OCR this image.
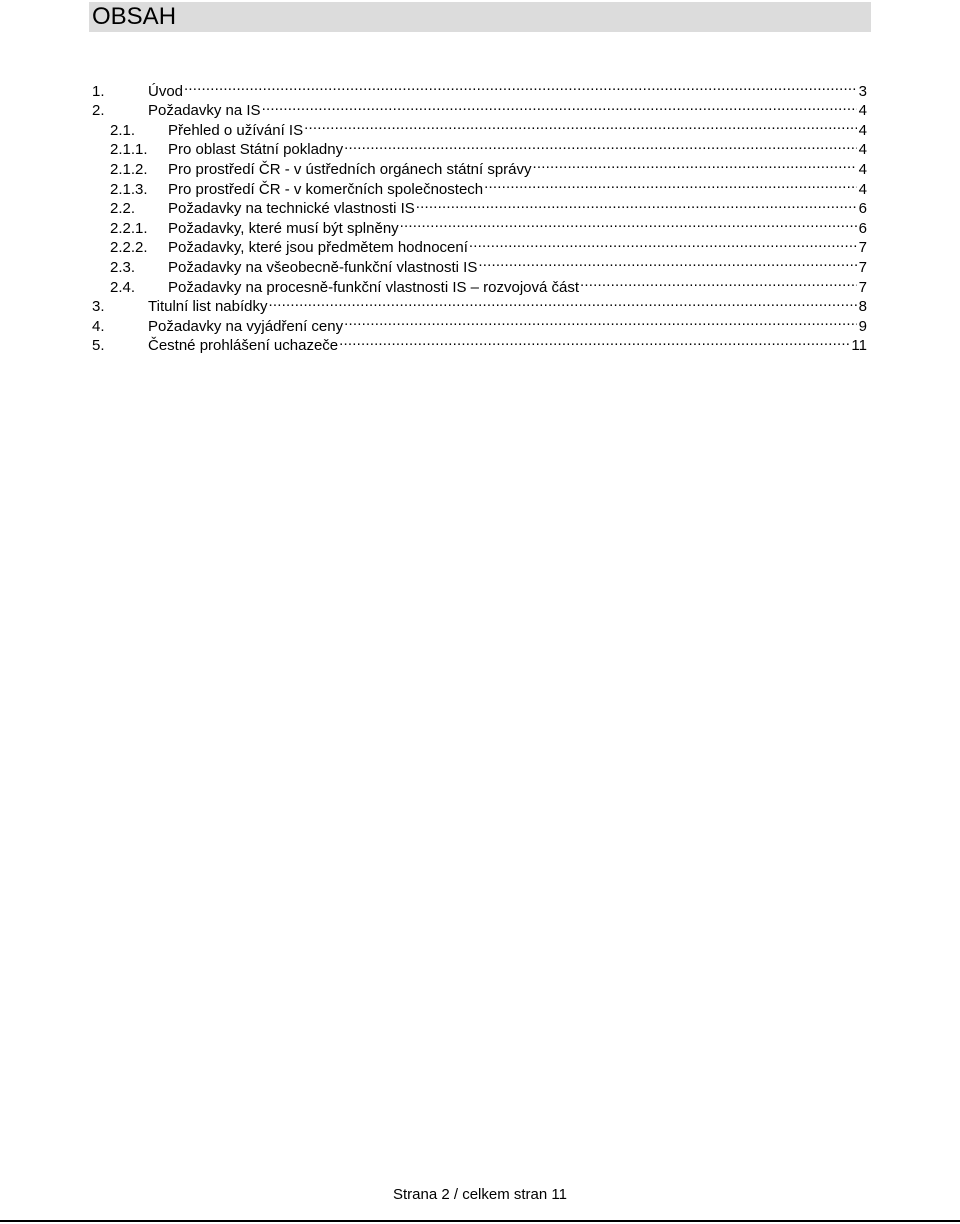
OBSAH
1.	Úvod .....	3
2.	Požadavky na IS .....	4
2.1.	Přehled o užívání IS .....	4
2.1.1.	Pro oblast Státní pokladny .....	4
2.1.2.	Pro prostředí ČR - v ústředních orgánech státní správy .....	4
2.1.3.	Pro prostředí ČR - v komerčních společnostech .....	4
2.2.	Požadavky na technické vlastnosti IS .....	6
2.2.1.	Požadavky, které musí být splněny .....	6
2.2.2.	Požadavky, které jsou předmětem hodnocení .....	7
2.3.	Požadavky na všeobecně-funkční vlastnosti IS .....	7
2.4.	Požadavky na procesně-funkční vlastnosti IS – rozvojová část .....	7
3.	Titulní list nabídky .....	8
4.	Požadavky na vyjádření ceny .....	9
5.	Čestné prohlášení uchazeče .....	11
Strana 2 / celkem stran 11
